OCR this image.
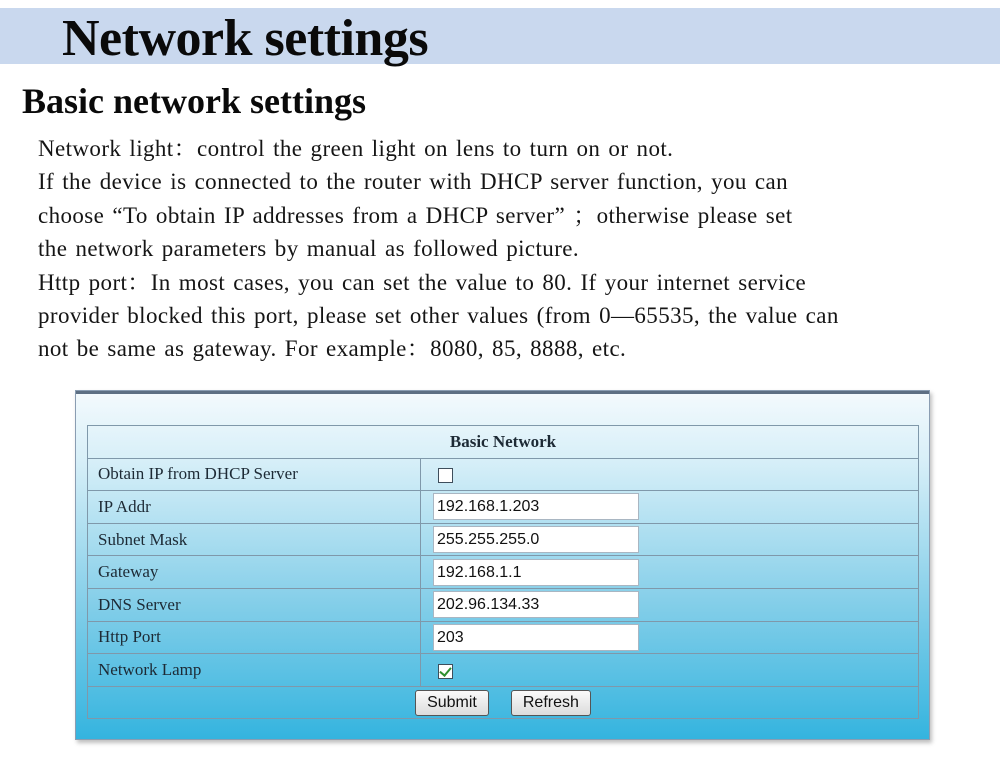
Network settings
Basic network settings
Network light：control the green light on lens to turn on or not.
If the device is connected to the router with DHCP server function, you can
choose “To obtain IP addresses from a DHCP server” ；otherwise please set
the network parameters by manual as followed picture.
Http port：In most cases, you can set the value to 80. If your internet service
provider blocked this port, please set other values (from 0—65535, the value can
not be same as gateway. For example：8080, 85, 8888, etc.
Basic Network	
Obtain IP from DHCP Server	
IP Addr	192.168.1.203
Subnet Mask	255.255.255.0
Gateway	192.168.1.1
DNS Server	202.96.134.33
Http Port	203
Network Lamp	
Submit Refresh	
